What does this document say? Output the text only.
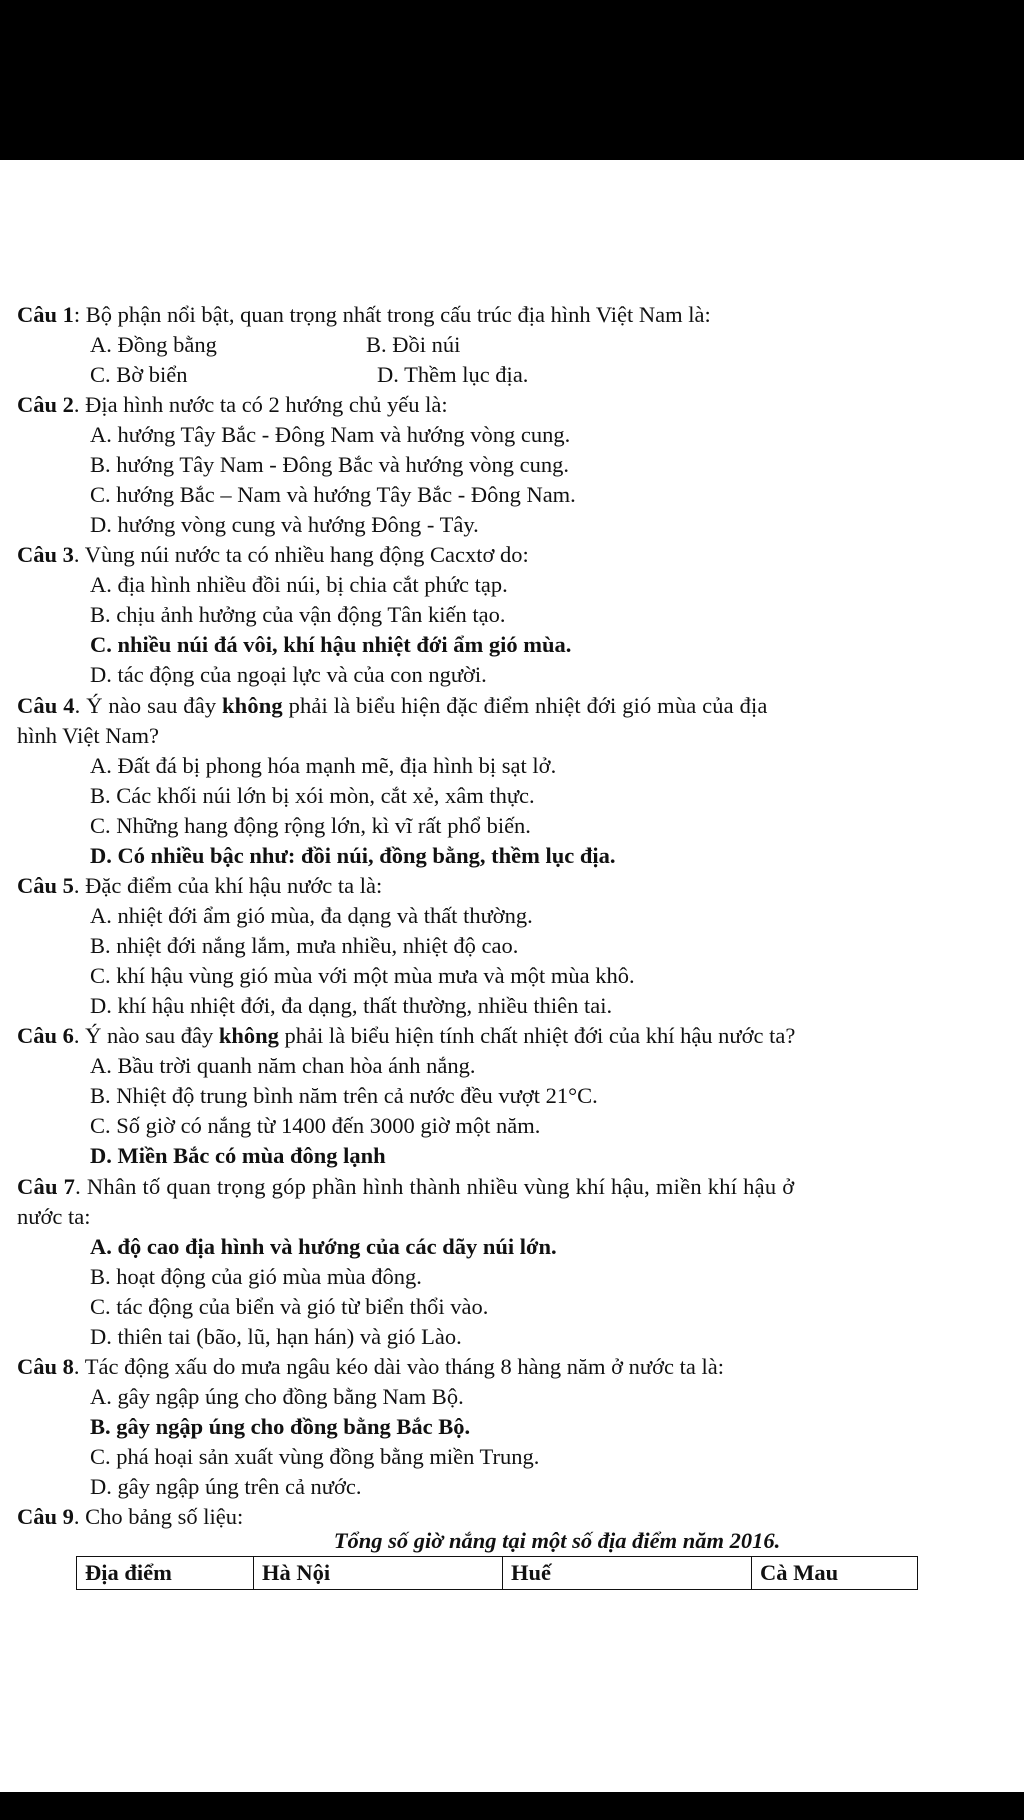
Câu 1: Bộ phận nổi bật, quan trọng nhất trong cấu trúc địa hình Việt Nam là:
A. Đồng bằng	B. Đồi núi
C. Bờ biển	D. Thềm lục địa.
Câu 2. Địa hình nước ta có 2 hướng chủ yếu là:
A. hướng Tây Bắc - Đông Nam và hướng vòng cung.
B. hướng Tây Nam - Đông Bắc và hướng vòng cung.
C. hướng Bắc – Nam và hướng Tây Bắc - Đông Nam.
D. hướng vòng cung và hướng Đông - Tây.
Câu 3. Vùng núi nước ta có nhiều hang động Cacxtơ do:
A. địa hình nhiều đồi núi, bị chia cắt phức tạp.
B. chịu ảnh hưởng của vận động Tân kiến tạo.
C. nhiều núi đá vôi, khí hậu nhiệt đới ẩm gió mùa.
D. tác động của ngoại lực và của con người.
Câu 4. Ý nào sau đây không phải là biểu hiện đặc điểm nhiệt đới gió mùa của địa
hình Việt Nam?
A. Đất đá bị phong hóa mạnh mẽ, địa hình bị sạt lở.
B. Các khối núi lớn bị xói mòn, cắt xẻ, xâm thực.
C. Những hang động rộng lớn, kì vĩ rất phổ biến.
D. Có nhiều bậc như: đồi núi, đồng bằng, thềm lục địa.
Câu 5. Đặc điểm của khí hậu nước ta là:
A. nhiệt đới ẩm gió mùa, đa dạng và thất thường.
B. nhiệt đới nắng lắm, mưa nhiều, nhiệt độ cao.
C. khí hậu vùng gió mùa với một mùa mưa và một mùa khô.
D. khí hậu nhiệt đới, đa dạng, thất thường, nhiều thiên tai.
Câu 6. Ý nào sau đây không phải là biểu hiện tính chất nhiệt đới của khí hậu nước ta?
A. Bầu trời quanh năm chan hòa ánh nắng.
B. Nhiệt độ trung bình năm trên cả nước đều vượt 21°C.
C. Số giờ có nắng từ 1400 đến 3000 giờ một năm.
D. Miền Bắc có mùa đông lạnh
Câu 7. Nhân tố quan trọng góp phần hình thành nhiều vùng khí hậu, miền khí hậu ở
nước ta:
A. độ cao địa hình và hướng của các dãy núi lớn.
B. hoạt động của gió mùa mùa đông.
C. tác động của biển và gió từ biển thổi vào.
D. thiên tai (bão, lũ, hạn hán) và gió Lào.
Câu 8. Tác động xấu do mưa ngâu kéo dài vào tháng 8 hàng năm ở nước ta là:
A. gây ngập úng cho đồng bằng Nam Bộ.
B. gây ngập úng cho đồng bằng Bắc Bộ.
C. phá hoại sản xuất vùng đồng bằng miền Trung.
D. gây ngập úng trên cả nước.
Câu 9. Cho bảng số liệu:
Tổng số giờ nắng tại một số địa điểm năm 2016.
Địa điểm	Hà Nội	Huế	Cà Mau
